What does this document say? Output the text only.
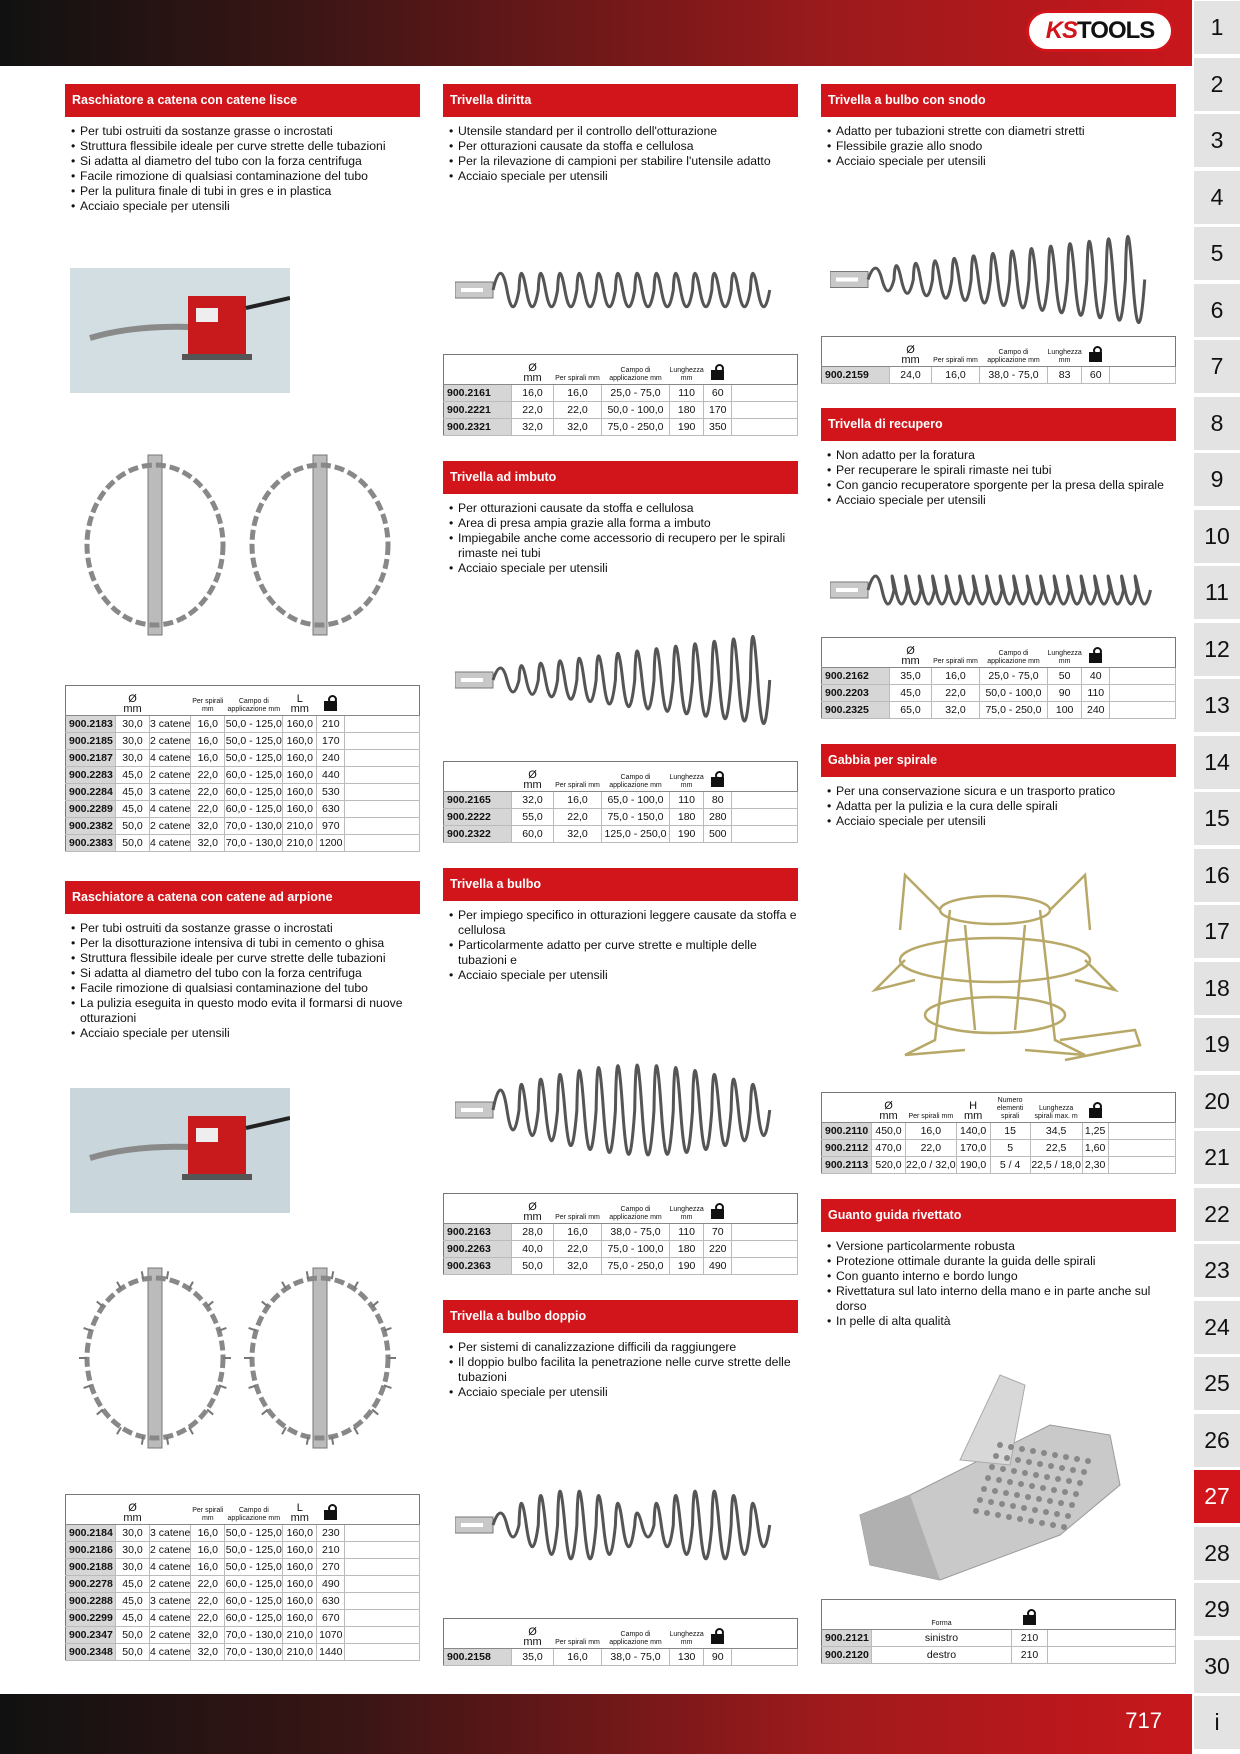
KS TOOLS
717
1
2
3
4
5
6
7
8
9
10
11
12
13
14
15
16
17
18
19
20
21
22
23
24
25
26
27
28
29
30
i
Raschiatore a catena con catene lisce
• Per tubi ostruiti da sostanze grasse o incrostati
• Struttura flessibile ideale per curve strette delle tubazioni
• Si adatta al diametro del tubo con la forza centrifuga
• Facile rimozione di qualsiasi contaminazione del tubo
• Per la pulitura finale di tubi in gres e in plastica
• Acciaio speciale per utensili

	Ø
mm		Per spirali mm	Campo di applicazione mm	L
mm		

900.2183	30,0	3 catene	16,0	50,0 - 125,0	160,0	210	
900.2185	30,0	2 catene	16,0	50,0 - 125,0	160,0	170	
900.2187	30,0	4 catene	16,0	50,0 - 125,0	160,0	240	
900.2283	45,0	2 catene	22,0	60,0 - 125,0	160,0	440	
900.2284	45,0	3 catene	22,0	60,0 - 125,0	160,0	530	
900.2289	45,0	4 catene	22,0	60,0 - 125,0	160,0	630	
900.2382	50,0	2 catene	32,0	70,0 - 130,0	210,0	970	
900.2383	50,0	4 catene	32,0	70,0 - 130,0	210,0	1200	
Raschiatore a catena con catene ad arpione
• Per tubi ostruiti da sostanze grasse o incrostati
• Per la disotturazione intensiva di tubi in cemento o ghisa
• Struttura flessibile ideale per curve strette delle tubazioni
• Si adatta al diametro del tubo con la forza centrifuga
• Facile rimozione di qualsiasi contaminazione del tubo
• La pulizia eseguita in questo modo evita il formarsi di nuove otturazioni
• Acciaio speciale per utensili

	Ø
mm		Per spirali mm	Campo di applicazione mm	L
mm		

900.2184	30,0	3 catene	16,0	50,0 - 125,0	160,0	230	
900.2186	30,0	2 catene	16,0	50,0 - 125,0	160,0	210	
900.2188	30,0	4 catene	16,0	50,0 - 125,0	160,0	270	
900.2278	45,0	2 catene	22,0	60,0 - 125,0	160,0	490	
900.2288	45,0	3 catene	22,0	60,0 - 125,0	160,0	630	
900.2299	45,0	4 catene	22,0	60,0 - 125,0	160,0	670	
900.2347	50,0	2 catene	32,0	70,0 - 130,0	210,0	1070	
900.2348	50,0	4 catene	32,0	70,0 - 130,0	210,0	1440	
Trivella diritta
• Utensile standard per il controllo dell'otturazione
• Per otturazioni causate da stoffa e cellulosa
• Per la rilevazione di campioni per stabilire l'utensile adatto
• Acciaio speciale per utensili

	Ø
mm	Per spirali mm	Campo di applicazione mm	Lunghezza mm		
900.2161	16,0	16,0	25,0 - 75,0	110	60	
900.2221	22,0	22,0	50,0 - 100,0	180	170	
900.2321	32,0	32,0	75,0 - 250,0	190	350	
Trivella ad imbuto
• Per otturazioni causate da stoffa e cellulosa
• Area di presa ampia grazie alla forma a imbuto
• Impiegabile anche come accessorio di recupero per le spirali rimaste nei tubi
• Acciaio speciale per utensili

	Ø
mm	Per spirali mm	Campo di applicazione mm	Lunghezza mm		
900.2165	32,0	16,0	65,0 - 100,0	110	80	
900.2222	55,0	22,0	75,0 - 150,0	180	280	
900.2322	60,0	32,0	125,0 - 250,0	190	500	
Trivella a bulbo
• Per impiego specifico in otturazioni leggere causate da stoffa e cellulosa
• Particolarmente adatto per curve strette e multiple delle tubazioni e
• Acciaio speciale per utensili

	Ø
mm	Per spirali mm	Campo di applicazione mm	Lunghezza mm		
900.2163	28,0	16,0	38,0 - 75,0	110	70	
900.2263	40,0	22,0	75,0 - 100,0	180	220	
900.2363	50,0	32,0	75,0 - 250,0	190	490	
Trivella a bulbo doppio
• Per sistemi di canalizzazione difficili da raggiungere
• Il doppio bulbo facilita la penetrazione nelle curve strette delle tubazioni
• Acciaio speciale per utensili

	Ø
mm	Per spirali mm	Campo di applicazione mm	Lunghezza mm		
900.2158	35,0	16,0	38,0 - 75,0	130	90	
Trivella a bulbo con snodo
• Adatto per tubazioni strette con diametri stretti
• Flessibile grazie allo snodo
• Acciaio speciale per utensili

	Ø
mm	Per spirali mm	Campo di applicazione mm	Lunghezza mm		
900.2159	24,0	16,0	38,0 - 75,0	83	60	
Trivella di recupero
• Non adatto per la foratura
• Per recuperare le spirali rimaste nei tubi
• Con gancio recuperatore sporgente per la presa della spirale
• Acciaio speciale per utensili

	Ø
mm	Per spirali mm	Campo di applicazione mm	Lunghezza mm		
900.2162	35,0	16,0	25,0 - 75,0	50	40	
900.2203	45,0	22,0	50,0 - 100,0	90	110	
900.2325	65,0	32,0	75,0 - 250,0	100	240	
Gabbia per spirale
• Per una conservazione sicura e un trasporto pratico
• Adatta per la pulizia e la cura delle spirali
• Acciaio speciale per utensili

	Ø
mm	Per spirali mm	H
mm	Numero elementi spirali	Lunghezza spirali max. m		
900.2110	450,0	16,0	140,0	15	34,5	1,25	
900.2112	470,0	22,0	170,0	5	22,5	1,60	
900.2113	520,0	22,0 / 32,0	190,0	5 / 4	22,5 / 18,0	2,30	
Guanto guida rivettato
• Versione particolarmente robusta
• Protezione ottimale durante la guida delle spirali
• Con guanto interno e bordo lungo
• Rivettatura sul lato interno della mano e in parte anche sul dorso
• In pelle di alta qualità
	Forma		
900.2121	sinistro	210	
900.2120	destro	210	
